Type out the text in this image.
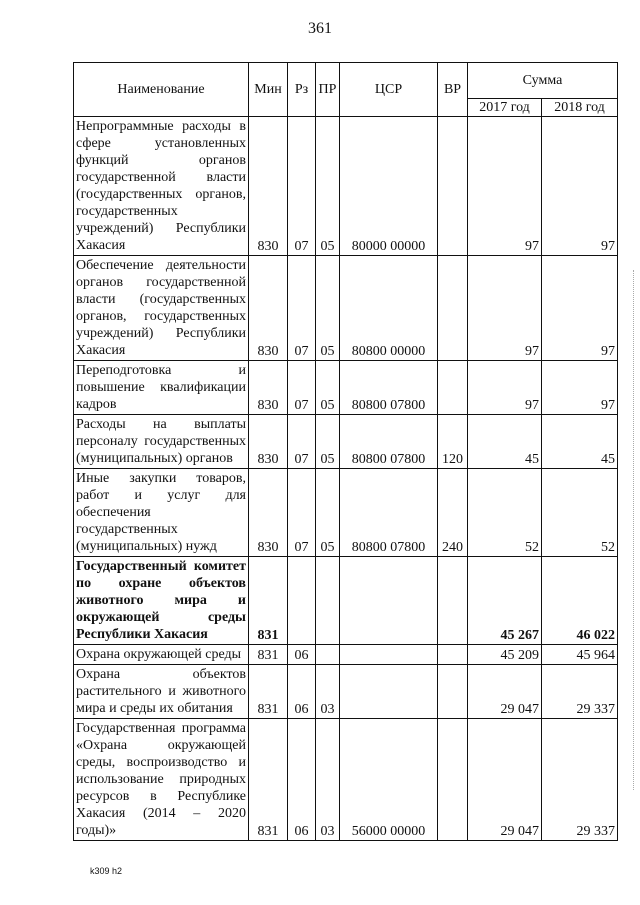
361
Наименование	Мин	Рз	ПР	ЦСР	ВР	Сумма	
						2017 год	2018 год
Непрограммные расходы в сфере установленных функций органов государственной власти (государственных органов, государственных учреждений) Республики Хакасия	830	07	05	80000 00000		97	97
Обеспечение деятельности органов государственной власти (государственных органов, государственных учреждений) Республики Хакасия	830	07	05	80800 00000		97	97
Переподготовка и повышение квалификации кадров	830	07	05	80800 07800		97	97
Расходы на выплаты персоналу государственных (муниципальных) органов	830	07	05	80800 07800	120	45	45
Иные закупки товаров, работ и услуг для обеспечения государственных (муниципальных) нужд	830	07	05	80800 07800	240	52	52
Государственный комитет по охране объектов животного мира и окружающей среды Республики Хакасия	831					45 267	46 022
Охрана окружающей среды	831	06				45 209	45 964
Охрана объектов растительного и животного мира и среды их обитания	831	06	03			29 047	29 337
Государственная программа «Охрана окружающей среды, воспроизводство и использование природных ресурсов в Республике Хакасия (2014 – 2020 годы)»	831	06	03	56000 00000		29 047	29 337
k309 h2
